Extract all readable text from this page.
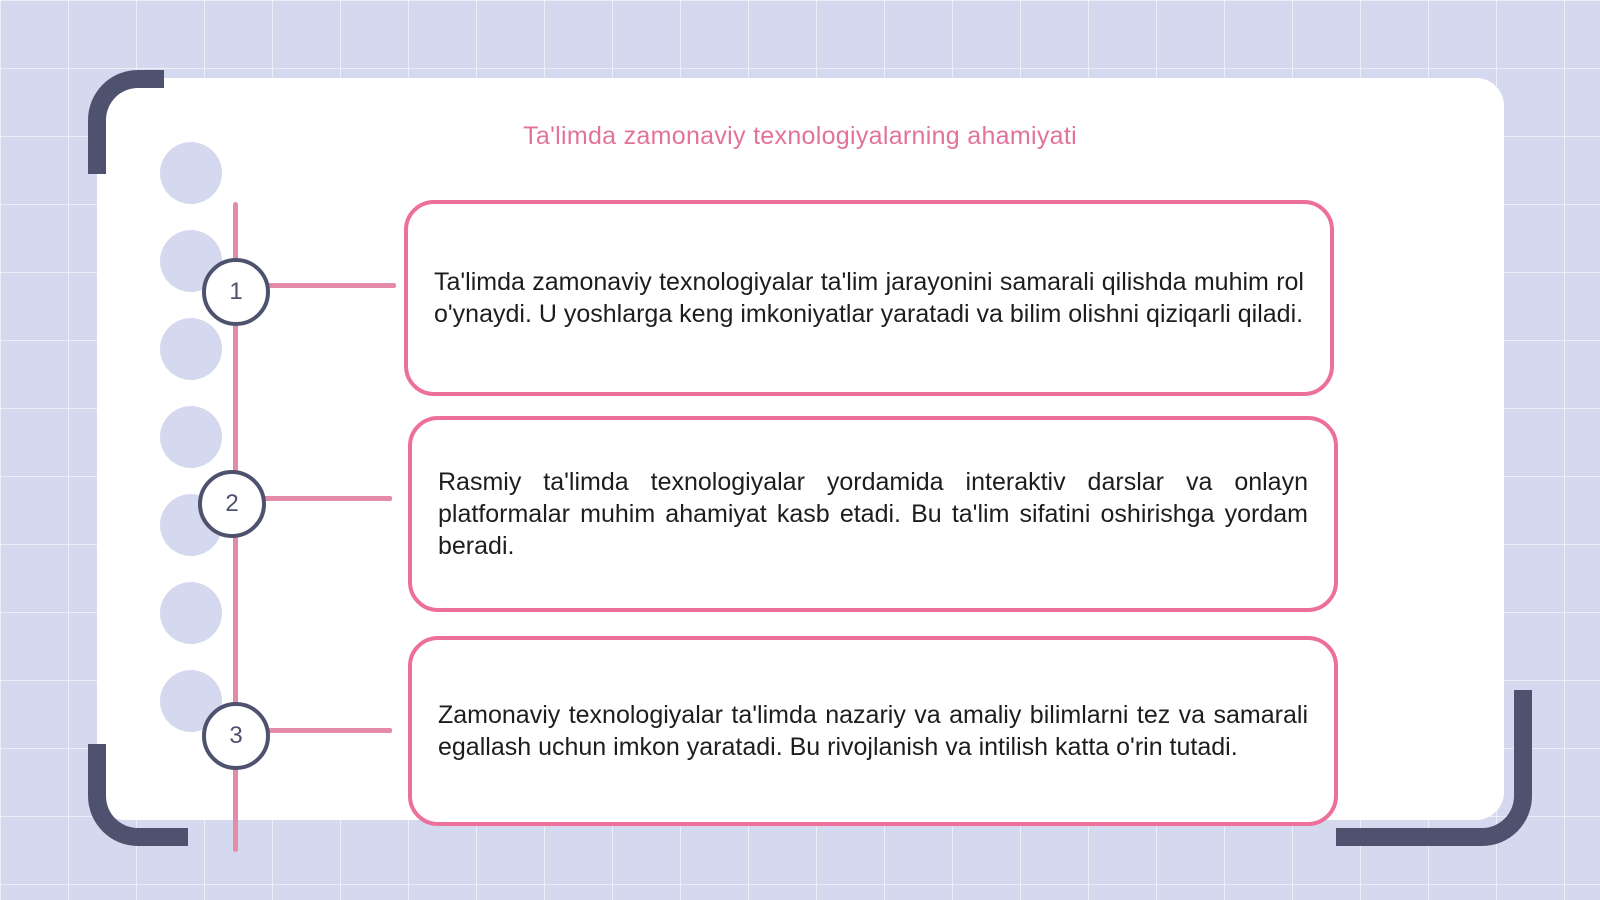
Ta'limda zamonaviy texnologiyalarning ahamiyati
1
2
3

Ta'limda zamonaviy texnologiyalar ta'lim jarayonini samarali qilishda muhim rol o'ynaydi. U yoshlarga keng imkoniyatlar yaratadi va bilim olishni qiziqarli qiladi.

Rasmiy ta'limda texnologiyalar yordamida interaktiv darslar va onlayn platformalar muhim ahamiyat kasb etadi. Bu ta'lim sifatini oshirishga yordam beradi.

Zamonaviy texnologiyalar ta'limda nazariy va amaliy bilimlarni tez va samarali egallash uchun imkon yaratadi. Bu rivojlanish va intilish katta o'rin tutadi.
